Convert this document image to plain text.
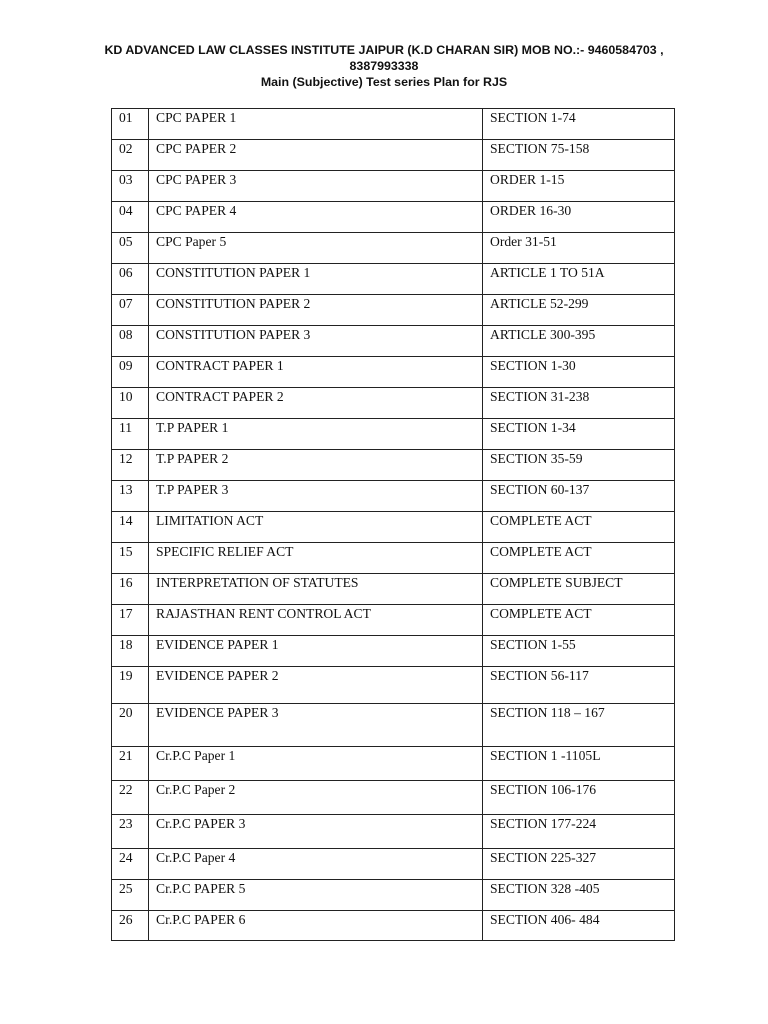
KD ADVANCED LAW CLASSES INSTITUTE JAIPUR (K.D CHARAN SIR) MOB NO.:- 9460584703 ,
8387993338
Main (Subjective) Test series Plan for RJS
01	CPC PAPER 1	SECTION 1-74
02	CPC PAPER 2	SECTION 75-158
03	CPC PAPER 3	ORDER 1-15
04	CPC PAPER 4	ORDER 16-30
05	CPC Paper 5	Order 31-51
06	CONSTITUTION PAPER 1	ARTICLE 1 TO 51A
07	CONSTITUTION PAPER 2	ARTICLE 52-299
08	CONSTITUTION PAPER 3	ARTICLE 300-395
09	CONTRACT PAPER 1	SECTION 1-30
10	CONTRACT PAPER 2	SECTION 31-238
11	T.P PAPER 1	SECTION 1-34
12	T.P PAPER 2	SECTION 35-59
13	T.P PAPER 3	SECTION 60-137
14	LIMITATION ACT	COMPLETE ACT
15	SPECIFIC RELIEF ACT	COMPLETE ACT
16	INTERPRETATION OF STATUTES	COMPLETE SUBJECT
17	RAJASTHAN RENT CONTROL ACT	COMPLETE ACT
18	EVIDENCE PAPER 1	SECTION 1-55
19	EVIDENCE PAPER 2	SECTION 56-117
20	EVIDENCE PAPER 3	SECTION 118 – 167
21	Cr.P.C Paper 1	SECTION 1 -1105L
22	Cr.P.C Paper 2	SECTION 106-176
23	Cr.P.C PAPER 3	SECTION 177-224
24	Cr.P.C Paper 4	SECTION 225-327
25	Cr.P.C PAPER 5	SECTION 328 -405
26	Cr.P.C PAPER 6	SECTION 406- 484
